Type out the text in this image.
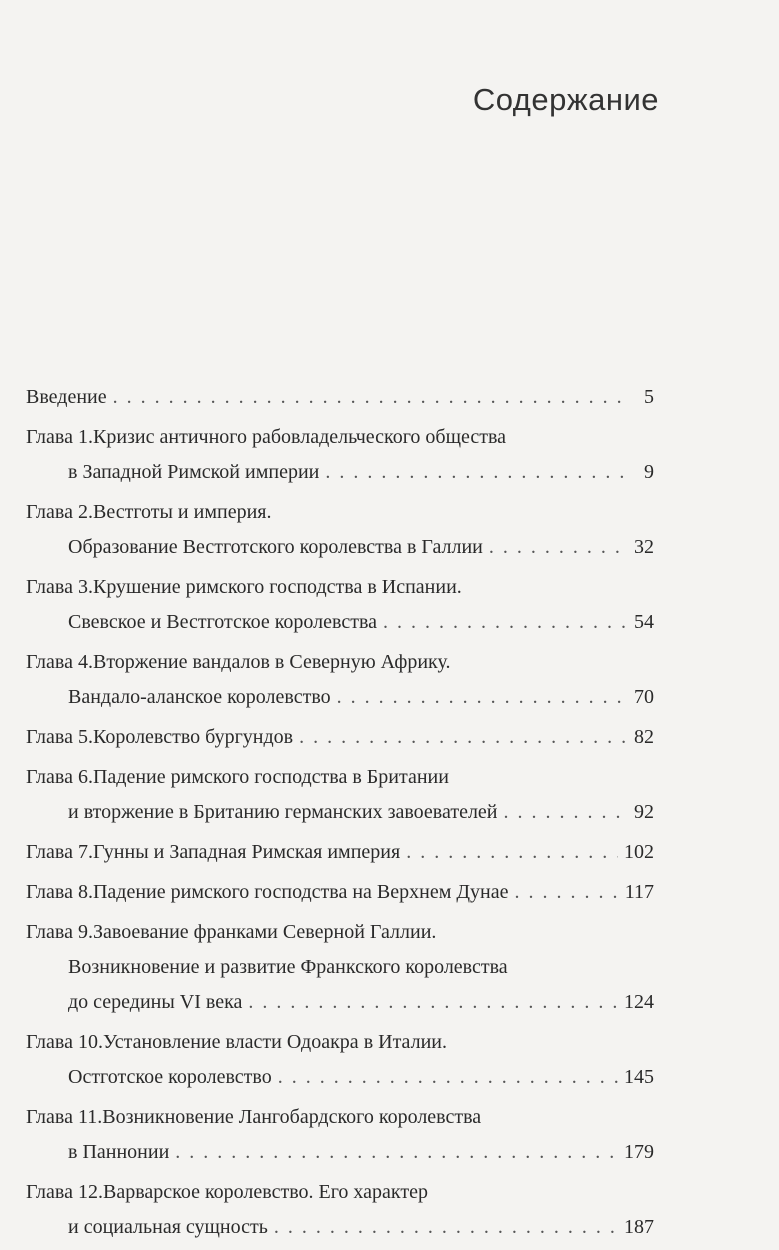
Содержание
Введение . . .	5
Глава 1. Кризис античного рабовладельческого общества
в Западной Римской империи . . .	9
Глава 2. Вестготы и империя.
Образование Вестготского королевства в Галлии . . .	32
Глава 3. Крушение римского господства в Испании.
Свевское и Вестготское королевства . . .	54
Глава 4. Вторжение вандалов в Северную Африку.
Вандало-аланское королевство . . .	70
Глава 5. Королевство бургундов . . .	82
Глава 6. Падение римского господства в Британии
и вторжение в Британию германских завоевателей . . .	92
Глава 7. Гунны и Западная Римская империя . . .	102
Глава 8. Падение римского господства на Верхнем Дунае . . .	117
Глава 9. Завоевание франками Северной Галлии.
Возникновение и развитие Франкского королевства
до середины VI века . . .	124
Глава 10. Установление власти Одоакра в Италии.
Остготское королевство . . .	145
Глава 11. Возникновение Лангобардского королевства
в Паннонии . . .	179
Глава 12. Варварское королевство. Его характер
и социальная сущность . . .	187
